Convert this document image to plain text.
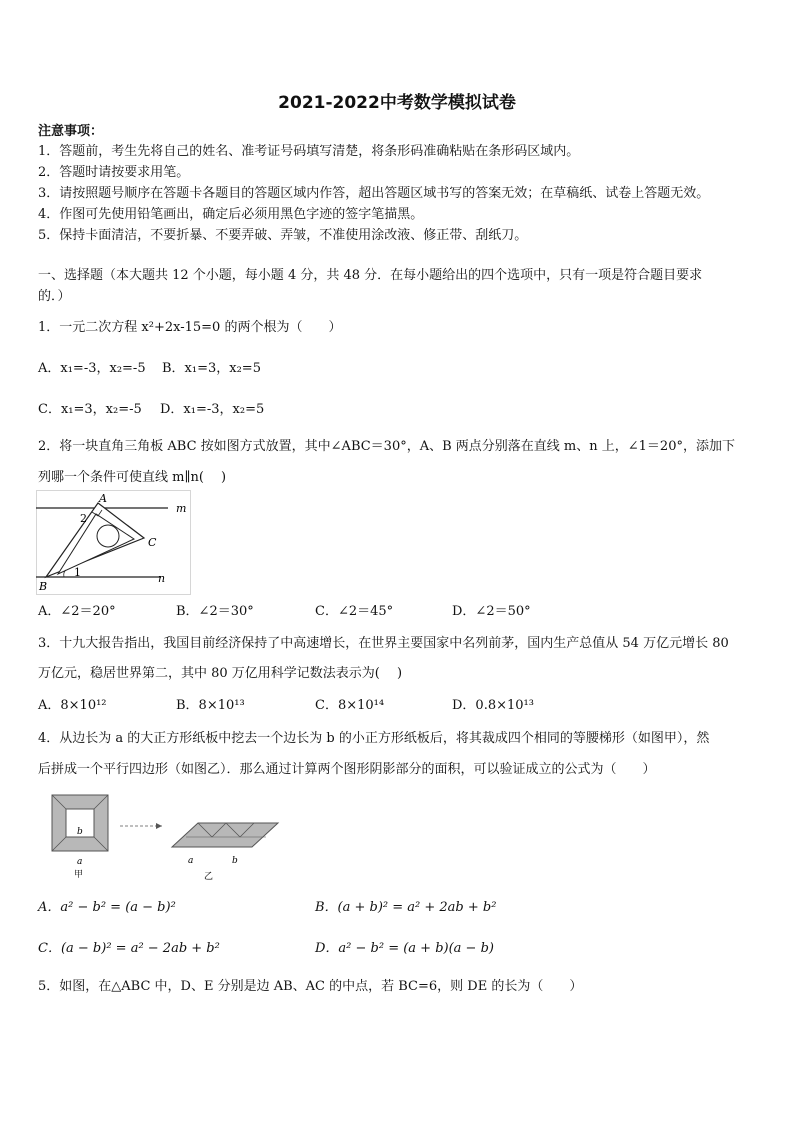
2021-2022中考数学模拟试卷
注意事项：
1．答题前，考生先将自己的姓名、准考证号码填写清楚，将条形码准确粘贴在条形码区域内。
2．答题时请按要求用笔。
3．请按照题号顺序在答题卡各题目的答题区域内作答，超出答题区域书写的答案无效；在草稿纸、试卷上答题无效。
4．作图可先使用铅笔画出，确定后必须用黑色字迹的签字笔描黑。
5．保持卡面清洁，不要折暴、不要弄破、弄皱，不准使用涂改液、修正带、刮纸刀。
一、选择题（本大题共 12 个小题，每小题 4 分，共 48 分．在每小题给出的四个选项中，只有一项是符合题目要求
的．）
1．一元二次方程 x²+2x-15=0 的两个根为（　　）
A．x₁=-3，x₂=-5 B．x₁=3，x₂=5
C．x₁=3，x₂=-5 D．x₁=-3，x₂=5
2．将一块直角三角板 ABC 按如图方式放置，其中∠ABC＝30°，A、B 两点分别落在直线 m、n 上，∠1＝20°，添加下
列哪一个条件可使直线 m∥n(　 )
A
B
C
m
n
1
2
A．∠2＝20°	B．∠2＝30°	C．∠2＝45°	D．∠2＝50°
3．十九大报告指出，我国目前经济保持了中高速增长，在世界主要国家中名列前茅，国内生产总值从 54 万亿元增长 80
万亿元，稳居世界第二，其中 80 万亿用科学记数法表示为(　 )
A．8×10¹²	B．8×10¹³	C．8×10¹⁴	D．0.8×10¹³
4．从边长为 a 的大正方形纸板中挖去一个边长为 b 的小正方形纸板后，将其裁成四个相同的等腰梯形（如图甲），然
后拼成一个平行四边形（如图乙）．那么通过计算两个图形阴影部分的面积，可以验证成立的公式为（　　）
b
a
甲
a	b
乙
A．a² − b² = (a − b)²	B．(a + b)² = a² + 2ab + b²
C．(a − b)² = a² − 2ab + b²	D．a² − b² = (a + b)(a − b)
5．如图，在△ABC 中，D、E 分别是边 AB、AC 的中点，若 BC=6，则 DE 的长为（　　）
